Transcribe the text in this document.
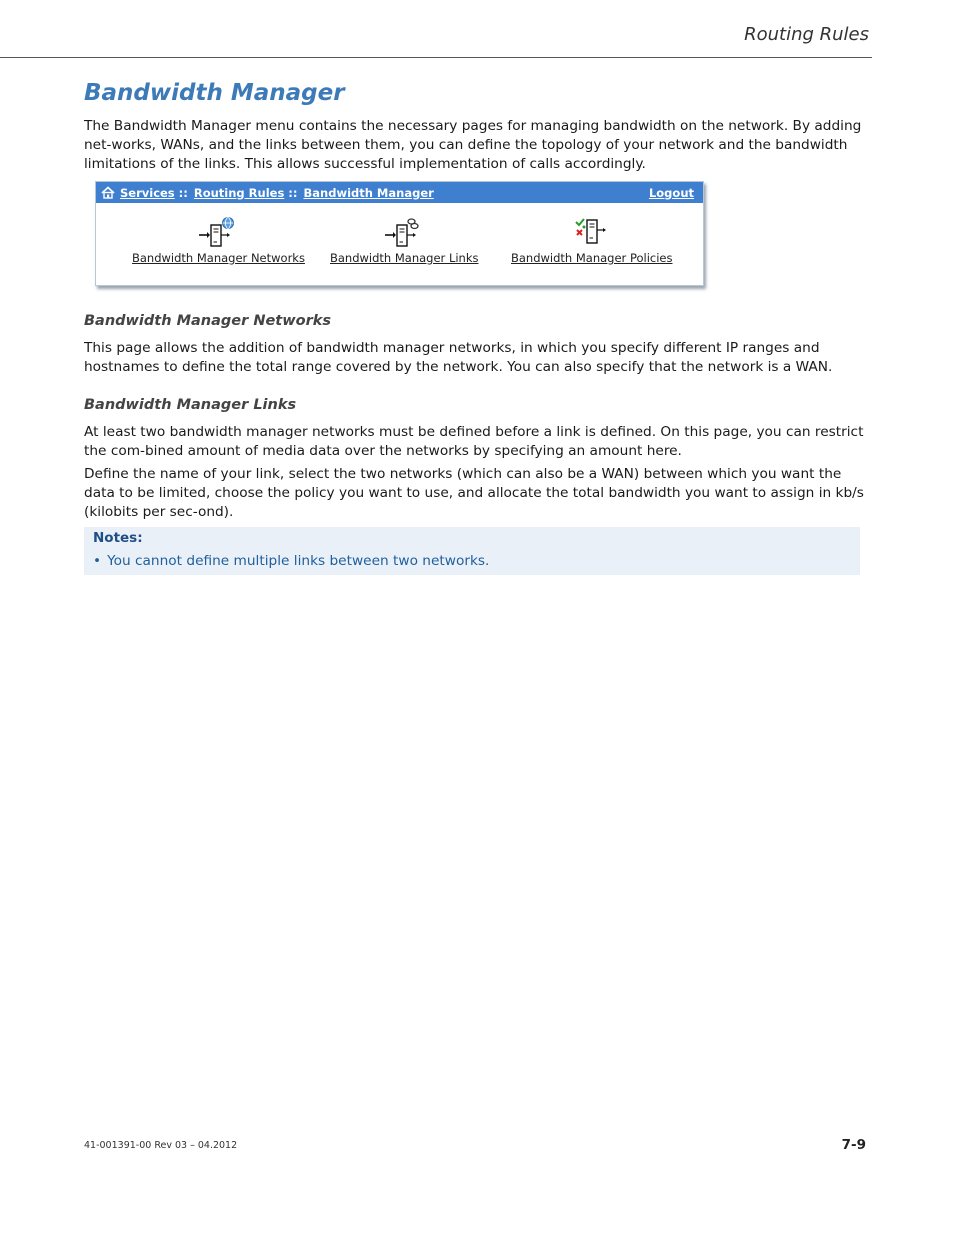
Routing Rules
Bandwidth Manager

The Bandwidth Manager menu contains the necessary pages for managing bandwidth on the network. By adding net-works, WANs, and the links between them, you can define the topology of your network and the bandwidth limitations of the links. This allows successful implementation of calls accordingly.

Services :: Routing Rules :: Bandwidth Manager	Logout
Bandwidth Manager Networks Bandwidth Manager Links	Bandwidth Manager Policies
Bandwidth Manager Networks

This page allows the addition of bandwidth manager networks, in which you specify different IP ranges and hostnames to define the total range covered by the network. You can also specify that the network is a WAN.

Bandwidth Manager Links

At least two bandwidth manager networks must be defined before a link is defined. On this page, you can restrict the com-bined amount of media data over the networks by specifying an amount here.

Define the name of your link, select the two networks (which can also be a WAN) between which you want the data to be limited, choose the policy you want to use, and allocate the total bandwidth you want to assign in kb/s (kilobits per sec-ond).

Notes:
• You cannot define multiple links between two networks.
41-001391-00 Rev 03 – 04.2012	7-9
